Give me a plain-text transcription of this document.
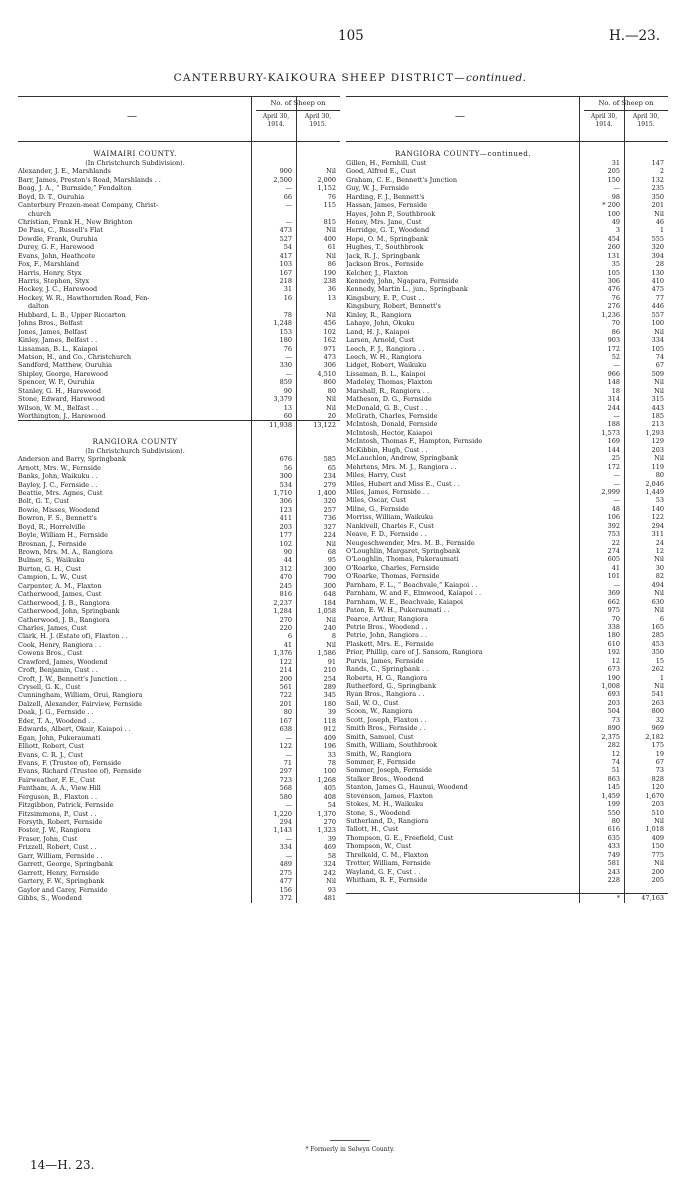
105	H.—23.
CANTERBURY-KAIKOURA SHEEP DISTRICT—continued.
—
No. of Sheep on
April 30, 1914.
April 30, 1915.
WAIMAIRI COUNTY.
(In Christchurch Subdivision).
Alexander, J. E., Marshlands	900	Nil
Barr, James, Preston's Road, Marshlands . .	2,500	2,000
Boag, J. A., “ Burnside,” Fendalton	—	1,152
Boyd, D. T., Ouruhia	66	76
Canterbury Frozen-meat Company, Christ-	—	115
church
Christian, Frank H., New Brighton	—	815
De Pass, C., Russell's Flat	473	Nil
Dowdle, Frank, Ouruhia	527	400
Durey, G. F., Harewood	54	61
Evans, John, Heathcote	417	Nil
Fox, F., Marshland	103	86
Harris, Henry, Styx	167	190
Harris, Stephen, Styx	218	238
Hockey, J. C., Harewood	31	36
Hockey, W. R., Hawthornden Road, Fen-	16	13
dalton
Hubbard, L. B., Upper Riccarton	78	Nil
Johns Bros., Belfast	1,248	456
Jones, James, Belfast	153	102
Kinley, James, Belfast . .	180	162
Lissaman, B. L., Kaiapoi	76	971
Matson, H., and Co., Christchurch	—	473
Sandford, Matthew, Ouruhia	330	306
Shipley, George, Harewood	—	4,510
Spencer, W. P., Ouruhia	859	860
Stanley, G. H., Harewood	90	80
Stone, Edward, Harewood	3,379	Nil
Wilson, W. M., Belfast . .	13	Nil
Worthington, J., Harewood	60	20
11,938	13,122
RANGIORA COUNTY
(In Christchurch Subdivision).
Anderson and Barry, Springbank	676	585
Arnott, Mrs. W., Fernside	56	65
Banks, John, Waikuku . .	300	234
Bayley, J. C., Fernside . .	534	279
Beattie, Mrs. Agnes, Cust	1,710	1,400
Bolt, G. T., Cust	306	320
Bowie, Misses, Woodend	123	257
Bowron, F. S., Bennett's	411	736
Boyd, R., Horrelville	203	327
Boyle, William H., Fernside	177	224
Brosnan, J., Fernside	102	Nil
Brown, Mrs. M. A., Rangiora	90	68
Bulmer, S., Waikuku	44	95
Burton, G. H., Cust	312	300
Campion, L. W., Cust	470	790
Carpenter, A. M., Flaxton	245	300
Catherwood, James, Cust	816	648
Catherwood, J. B., Rangiora	2,237	184
Catherwood, John, Springbank	1,284	1,058
Catherwood, J. B., Rangiora	270	Nil
Charles, James, Cust	220	240
Clark, H. J. (Estate of), Flaxton . .	6	8
Cook, Henry, Rangiora . .	41	Nil
Cowens Bros., Cust	1,376	1,586
Crawford, James, Woodend	122	91
Croft, Benjamin, Cust . .	214	210
Croft, J. W., Bennett's Junction . .	200	254
Crysell, G. K., Cust	561	289
Cunningham, William, Orui, Rangiora	722	345
Dalzell, Alexander, Fairview, Fernside	201	180
Doak, J. G., Fernside . .	80	39
Eder, T. A., Woodend . .	167	118
Edwards, Albert, Okair, Kaiapoi . .	638	912
Egan, John, Pukeraumati	—	409
Elliott, Robert, Cust	122	196
Evans, C. R. J., Cust	—	33
Evans, F. (Trustee of), Fernside	71	78
Evans, Richard (Trustee of), Fernside	297	100
Fairweather, F. E., Cust	723	1,268
Fantham, A. A., View Hill	568	405
Ferguson, B., Flaxton . .	580	408
Fitzgibbon, Patrick, Fernside	—	54
Fitzsimmons, P., Cust . .	1,220	1,370
Forsyth, Robert, Fernside	294	270
Foster, J. W., Rangiora	1,143	1,323
Fraser, John, Cust	—	39
Frizzell, Robert, Cust . .	334	469
Garr, William, Fernside . .	—	58
Garrett, George, Springbank	489	324
Garrett, Henry, Fernside	275	242
Gartery, F. W., Springbank	477	Nil
Gaylor and Carey, Fernside	156	93
Gibbs, S., Woodend	372	481
—
No. of Sheep on
April 30, 1914.
April 30, 1915.
RANGIORA COUNTY—continued.
Gillen, H., Fernhill, Cust	31	147
Good, Alfred E., Cust	205	2
Graham, C. E., Bennett's Junction	150	132
Guy, W. J., Fernside	—	235
Harding, F. J., Bennett's	98	350
Hassan, James, Fernside	* 200	201
Hayes, John P., Southbrook	100	Nil
Heney, Mrs. Jane, Cust	49	46
Herridge, G. T., Woodend	3	1
Hope, O. M., Springbank	454	555
Hughes, T., Southbrook	260	320
Jack, R. J., Springbank	131	394
Jackson Bros., Fernside	35	28
Kelcher, J., Flaxton	105	130
Kennedy, John, Ngapara, Fernside	306	410
Kennedy, Martin L., jun., Springbank	476	475
Kingsbury, E. P., Cust . .	76	77
Kingsbury, Robert, Bennett's	276	446
Kinley, R., Rangiora	1,236	557
Lahaye, John, Okuku	70	100
Land, H. J., Kaiapoi	86	Nil
Larsen, Arnold, Cust	903	334
Leech, F. J., Rangiora . .	172	105
Leech, W. H., Rangiora	52	74
Lidget, Robert, Waikuku	—	67
Lissaman, B. L., Kaiapoi	966	509
Madeley, Thomas, Flaxton	148	Nil
Marshall, R., Rangiora . .	18	Nil
Matheson, D. G., Fernside	314	315
McDonald, G. B., Cust . .	244	443
McGrath, Charles, Fernside	—	185
McIntosh, Donald, Fernside	188	213
McIntosh, Hector, Kaiapoi	1,573	1,293
McIntosh, Thomas F., Hampton, Fernside	169	129
McKibbin, Hugh, Cust . .	144	203
McLauchlon, Andrew, Springbank	25	Nil
Mehrtens, Mrs. M. J., Rangiora . .	172	119
Miles, Harry, Cust	—	80
Miles, Hubert and Miss E., Cust . .	—	2,046
Miles, James, Fernside . .	2,999	1,449
Miles, Oscar, Cust	—	53
Milne, G., Fernside	48	140
Morriss, William, Waikuku	106	122
Nankivell, Charles F., Cust	392	294
Neave, F. D., Fernside . .	753	311
Neugeschwender, Mrs. M. B., Fernside	22	24
O'Loughlin, Margaret, Springbank	274	12
O'Loughlin, Thomas, Pukeraumati	605	Nil
O'Roarke, Charles, Fernside	41	30
O'Roarke, Thomas, Fernside	101	82
Parnham, F. L., “ Beachvale,” Kaiapoi . .	—	494
Parnham, W. and F., Elmwood, Kaiapoi . .	369	Nil
Parnham, W. E., Beachvale, Kaiapoi	662	630
Paton, E. W. H., Pukeraumati . .	975	Nil
Pearce, Arthur, Rangiora	70	6
Petrie Bros., Woodend . .	338	165
Petrie, John, Rangiora . .	180	285
Plaskett, Mrs. E., Fernside	610	453
Prior, Phillip, care of J. Sansom, Rangiora	192	350
Purvis, James, Fernside	12	15
Rands, C., Springbank . .	673	262
Roberts, H. G., Rangiora	190	1
Rutherford, G., Springbank	1,008	Nil
Ryan Bros., Rangiora . .	693	541
Sail, W. O., Cust	203	263
Scoon, W., Rangiora	504	800
Scott, Joseph, Flaxton . .	73	32
Smith Bros., Fernside . .	890	969
Smith, Samuel, Cust	2,375	2,182
Smith, William, Southbrook	282	175
Smith, W., Rangiora	12	19
Sommer, F., Fernside	74	67
Sommer, Joseph, Fernside	51	73
Stalker Bros., Woodend	863	828
Stanton, James G., Haunui, Woodend	145	120
Stevenson, James, Flaxton	1,459	1,670
Stokes, M. H., Waikuku	199	203
Stone, S., Woodend	550	510
Sutherland, D., Rangiora	80	Nil
Tallott, H., Cust	616	1,018
Thompson, G. E., Freefield, Cust	635	409
Thompson, W., Cust	433	150
Threlkeld, C. M., Flaxton	749	775
Trotter, William, Fernside	581	Nil
Wayland, G. F., Cust . .	243	200
Whitham, R. F., Fernside	228	205
*	47,163
* Formerly in Selwyn County.
14—H. 23.
